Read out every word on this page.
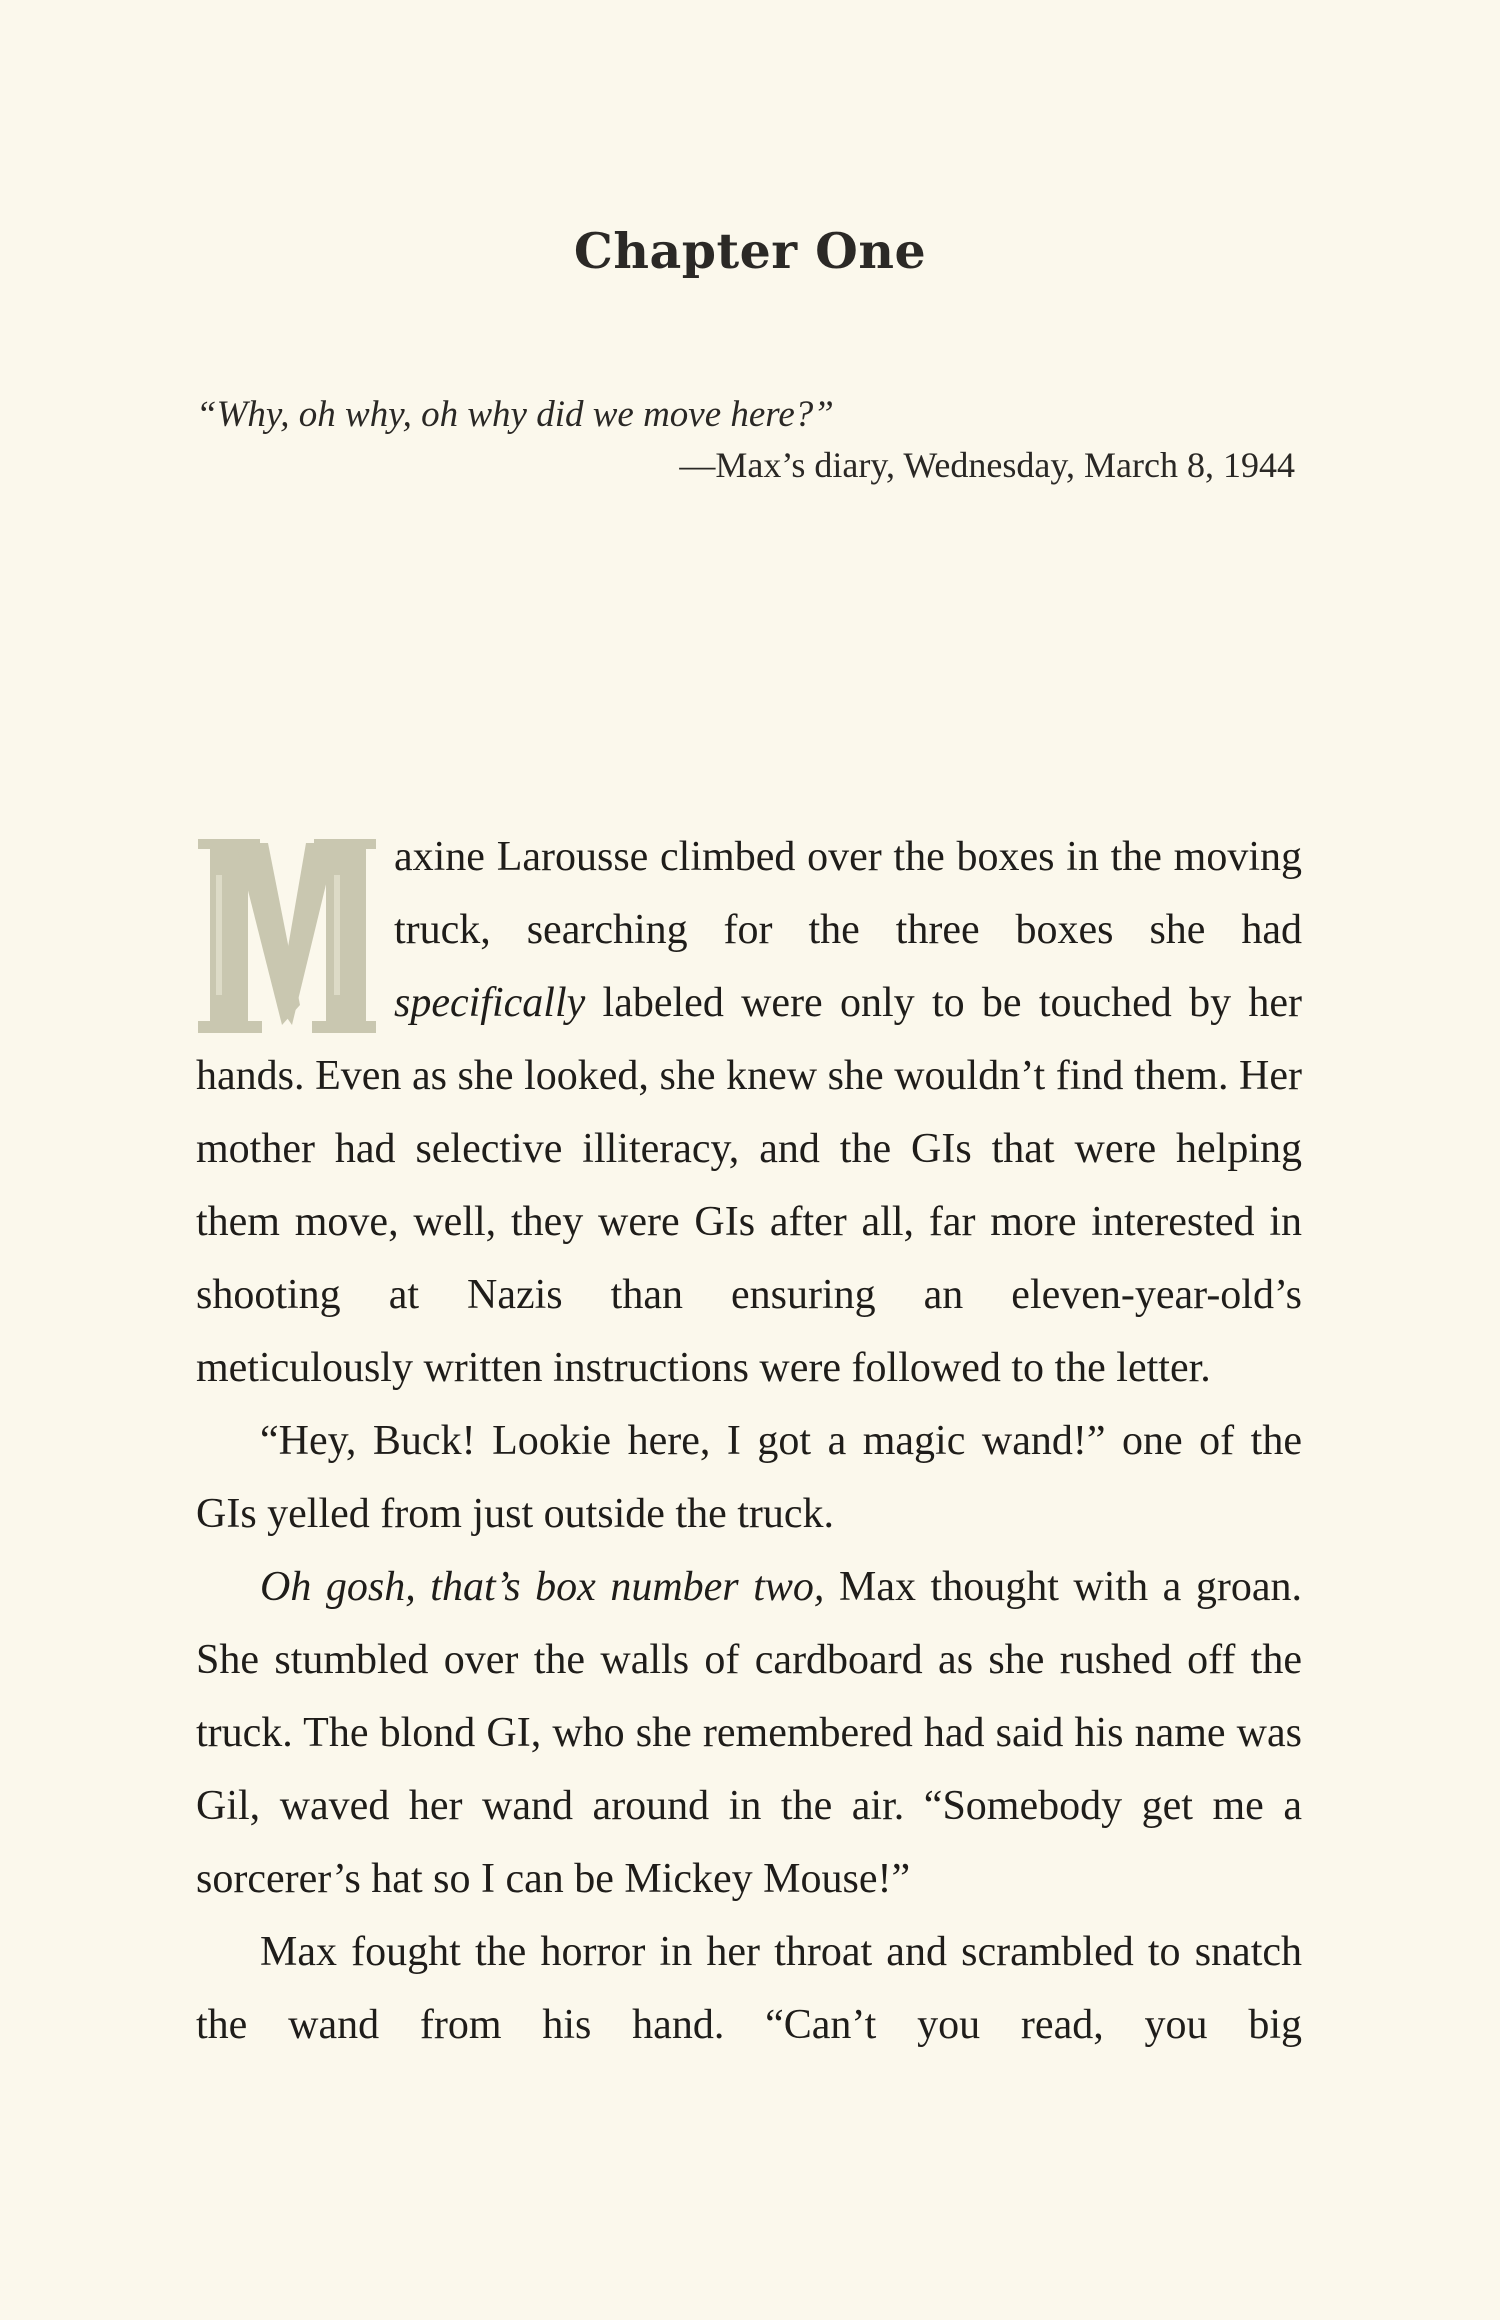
Chapter One
“Why, oh why, oh why did we move here?”
—Max’s diary, Wednesday, March 8, 1944

axine Larousse climbed over the boxes in the moving truck, searching for the three boxes she had specifically labeled were only to be touched by her hands. Even as she looked, she knew she wouldn’t find them. Her mother had selective illiteracy, and the GIs that were helping them move, well, they were GIs after all, far more interested in shooting at Nazis than ensuring an eleven-year-old’s meticulously written instructions were followed to the letter.

“Hey, Buck! Lookie here, I got a magic wand!” one of the GIs yelled from just outside the truck.

Oh gosh, that’s box number two, Max thought with a groan. She stumbled over the walls of cardboard as she rushed off the truck. The blond GI, who she remembered had said his name was Gil, waved her wand around in the air. “Somebody get me a sorcerer’s hat so I can be Mickey Mouse!”

Max fought the horror in her throat and scrambled to snatch the wand from his hand. “Can’t you read, you big
